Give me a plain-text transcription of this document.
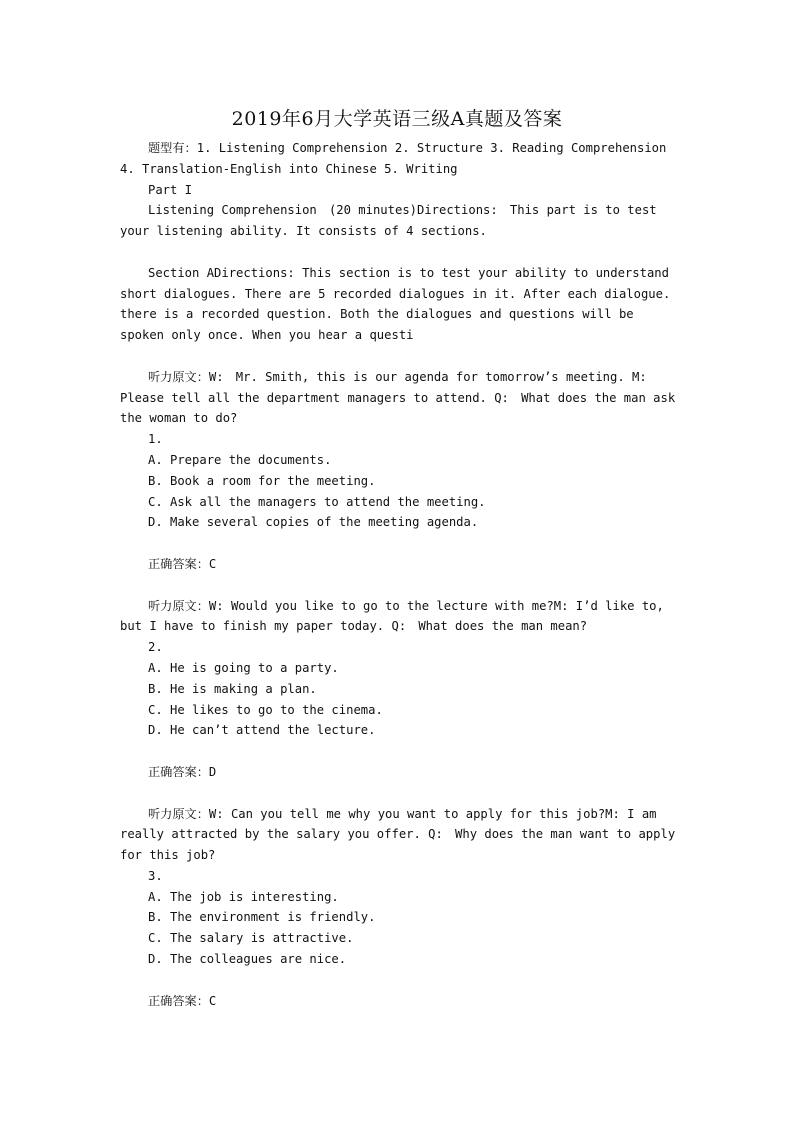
2019年6月大学英语三级A真题及答案

题型有：1. Listening Comprehension 2. Structure 3. Reading Comprehension 4. Translation-English into Chinese 5. Writing

Part I

Listening Comprehension　(20 minutes)Directions:　This part is to test your listening ability. It consists of 4 sections.

Section ADirections: This section is to test your ability to understand short dialogues. There are 5 recorded dialogues in it. After each dialogue. there is a recorded question. Both the dialogues and questions will be spoken only once. When you hear a questi

听力原文：W:　Mr. Smith, this is our agenda for tomorrow’s meeting. M: Please tell all the department managers to attend. Q:　What does the man ask the woman to do?

1.

A. Prepare the documents.

B. Book a room for the meeting.

C. Ask all the managers to attend the meeting.

D. Make several copies of the meeting agenda.

正确答案：C

听力原文：W: Would you like to go to the lecture with me?M: I’d like to, but I have to finish my paper today. Q:　What does the man mean?

2.

A. He is going to a party.

B. He is making a plan.

C. He likes to go to the cinema.

D. He can’t attend the lecture.

正确答案：D

听力原文：W: Can you tell me why you want to apply for this job?M: I am really attracted by the salary you offer. Q:　Why does the man want to apply for this job?

3.

A. The job is interesting.

B. The environment is friendly.

C. The salary is attractive.

D. The colleagues are nice.

正确答案：C
